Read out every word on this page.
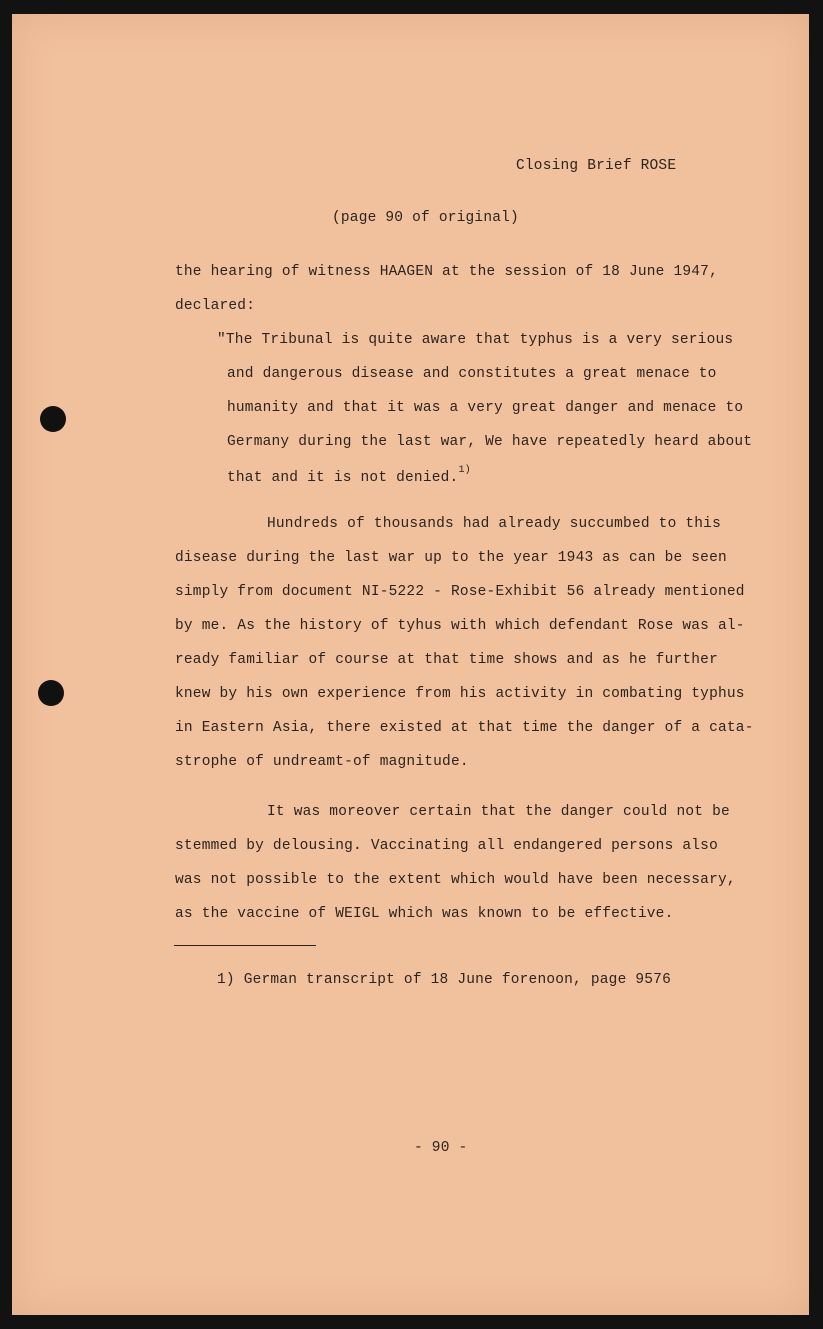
Closing Brief ROSE
(page 90 of original)
the hearing of witness HAAGEN at the session of 18 June 1947,
declared:
"The Tribunal is quite aware that typhus is a very serious
and dangerous disease and constitutes a great menace to
humanity and that it was a very great danger and menace to
Germany during the last war, We have repeatedly heard about
that and it is not denied.$^{1)}$
Hundreds of thousands had already succumbed to this
disease during the last war up to the year 1943 as can be seen
simply from document NI-5222 - Rose-Exhibit 56 already mentioned
by me. As the history of tyhus with which defendant Rose was al-
ready familiar of course at that time shows and as he further
knew by his own experience from his activity in combating typhus
in Eastern Asia, there existed at that time the danger of a cata-
strophe of undreamt-of magnitude.
It was moreover certain that the danger could not be
stemmed by delousing. Vaccinating all endangered persons also
was not possible to the extent which would have been necessary,
as the vaccine of WEIGL which was known to be effective.
1) German transcript of 18 June forenoon, page 9576
- 90 -
